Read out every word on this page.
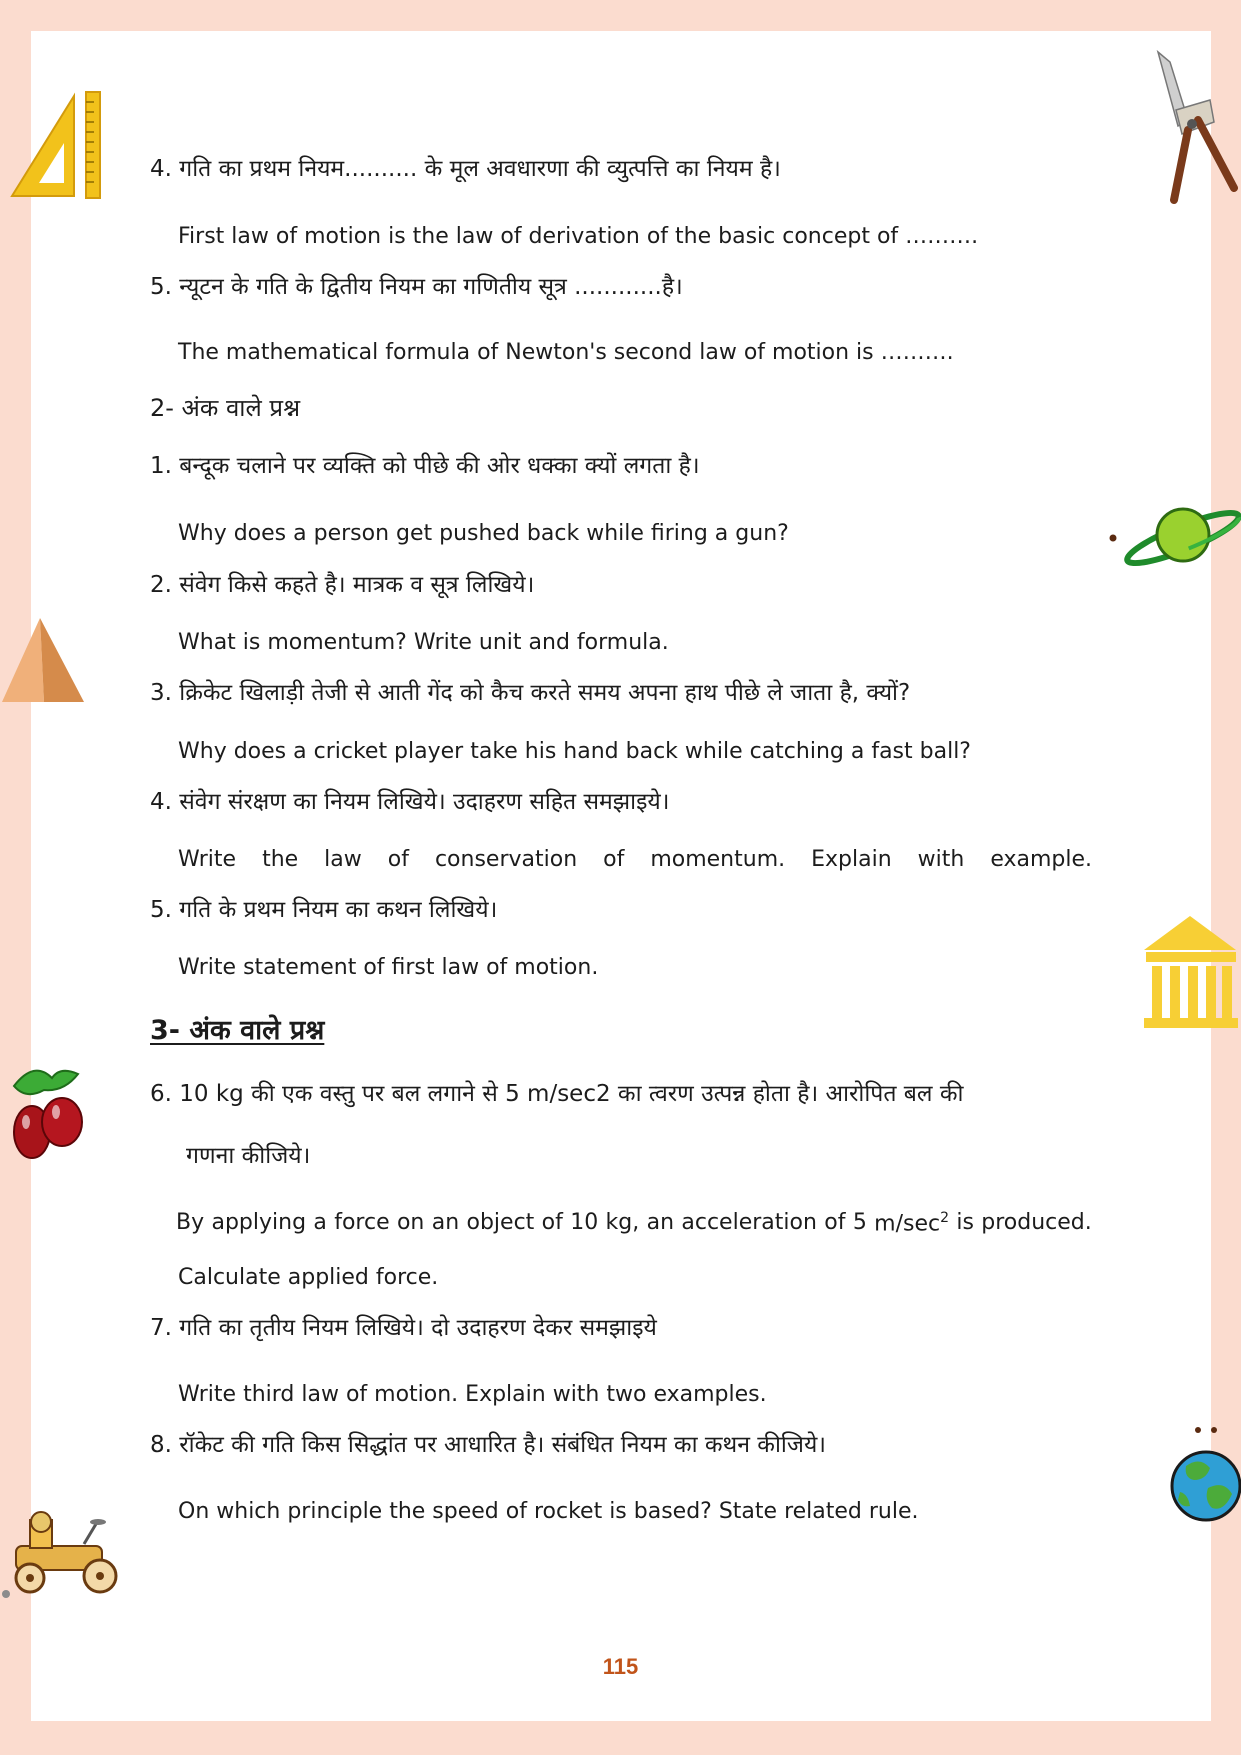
4. गति का प्रथम नियम.......... के मूल अवधारणा की व्युत्पत्ति का नियम है।
First law of motion is the law of derivation of the basic concept of ……….
5. न्यूटन के गति के द्वितीय नियम का गणितीय सूत्र ............है।
The mathematical formula of Newton's second law of motion is ……….
2- अंक वाले प्रश्न
1. बन्दूक चलाने पर व्यक्ति को पीछे की ओर धक्का क्यों लगता है।
Why does a person get pushed back while firing a gun?
2. संवेग किसे कहते है। मात्रक व सूत्र लिखिये।
What is momentum? Write unit and formula.
3. क्रिकेट खिलाड़ी तेजी से आती गेंद को कैच करते समय अपना हाथ पीछे ले जाता है, क्यों?
Why does a cricket player take his hand back while catching a fast ball?
4. संवेग संरक्षण का नियम लिखिये। उदाहरण सहित समझाइये।
Write the law of conservation of momentum. Explain with example.
5. गति के प्रथम नियम का कथन लिखिये।
Write statement of first law of motion.
3- अंक वाले प्रश्न
6. 10 kg की एक वस्तु पर बल लगाने से 5 m/sec2 का त्वरण उत्पन्न होता है। आरोपित बल की
गणना कीजिये।
By applying a force on an object of 10 kg, an acceleration of 5 $m/\sec^2$ is produced.
Calculate applied force.
7. गति का तृतीय नियम लिखिये। दो उदाहरण देकर समझाइये
Write third law of motion. Explain with two examples.
8. रॉकेट की गति किस सिद्धांत पर आधारित है। संबंधित नियम का कथन कीजिये।
On which principle the speed of rocket is based? State related rule.
115
